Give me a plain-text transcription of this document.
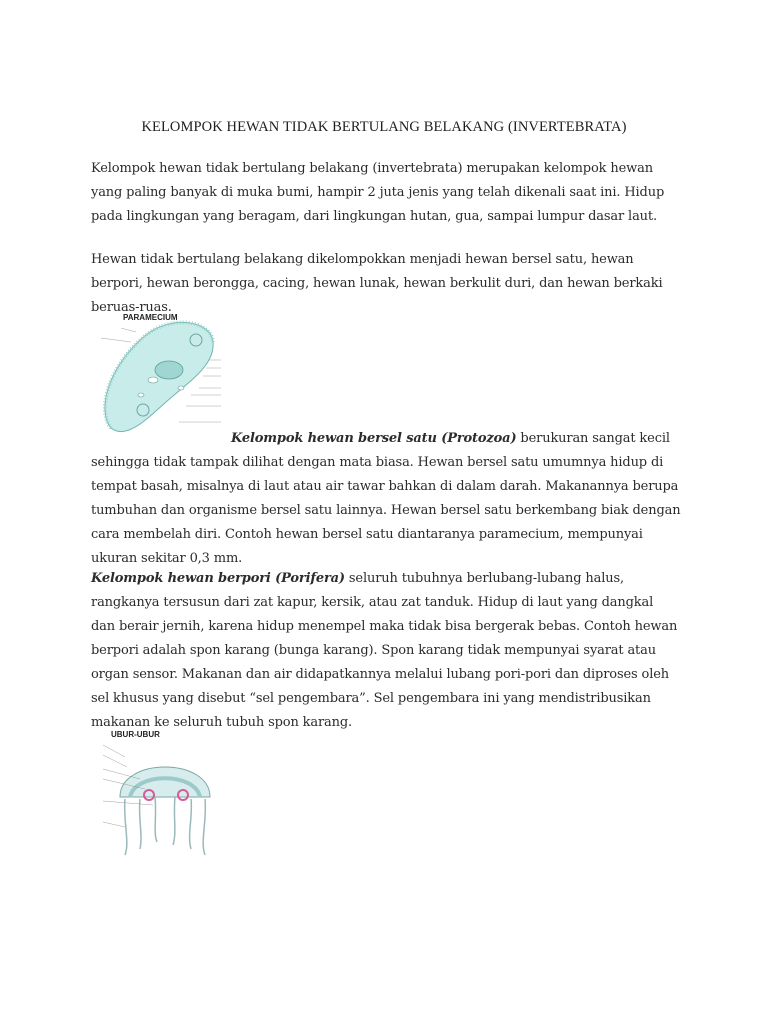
KELOMPOK HEWAN TIDAK BERTULANG BELAKANG (INVERTEBRATA)
Kelompok hewan tidak bertulang belakang (invertebrata) merupakan kelompok hewan yang paling banyak di muka bumi, hampir 2 juta jenis yang telah dikenali saat ini. Hidup pada lingkungan yang beragam, dari lingkungan hutan, gua, sampai lumpur dasar laut.
Hewan tidak bertulang belakang dikelompokkan menjadi hewan bersel satu, hewan berpori, hewan berongga, cacing, hewan lunak, hewan berkulit duri, dan hewan berkaki beruas-ruas.
PARAMECIUM
Kelompok hewan bersel satu (Protozoa) berukuran sangat kecil sehingga tidak tampak dilihat dengan mata biasa. Hewan bersel satu umumnya hidup di tempat basah, misalnya di laut atau air tawar bahkan di dalam darah. Makanannya berupa tumbuhan dan organisme bersel satu lainnya. Hewan bersel satu berkembang biak dengan cara membelah diri. Contoh hewan bersel satu diantaranya paramecium, mempunyai ukuran sekitar 0,3 mm.
Kelompok hewan berpori (Porifera) seluruh tubuhnya berlubang-lubang halus, rangkanya tersusun dari zat kapur, kersik, atau zat tanduk. Hidup di laut yang dangkal dan berair jernih, karena hidup menempel maka tidak bisa bergerak bebas. Contoh hewan berpori adalah spon karang (bunga karang). Spon karang tidak mempunyai syarat atau organ sensor. Makanan dan air didapatkannya melalui lubang pori-pori dan diproses oleh sel khusus yang disebut “sel pengembara”. Sel pengembara ini yang mendistribusikan makanan ke seluruh tubuh spon karang.
UBUR-UBUR
